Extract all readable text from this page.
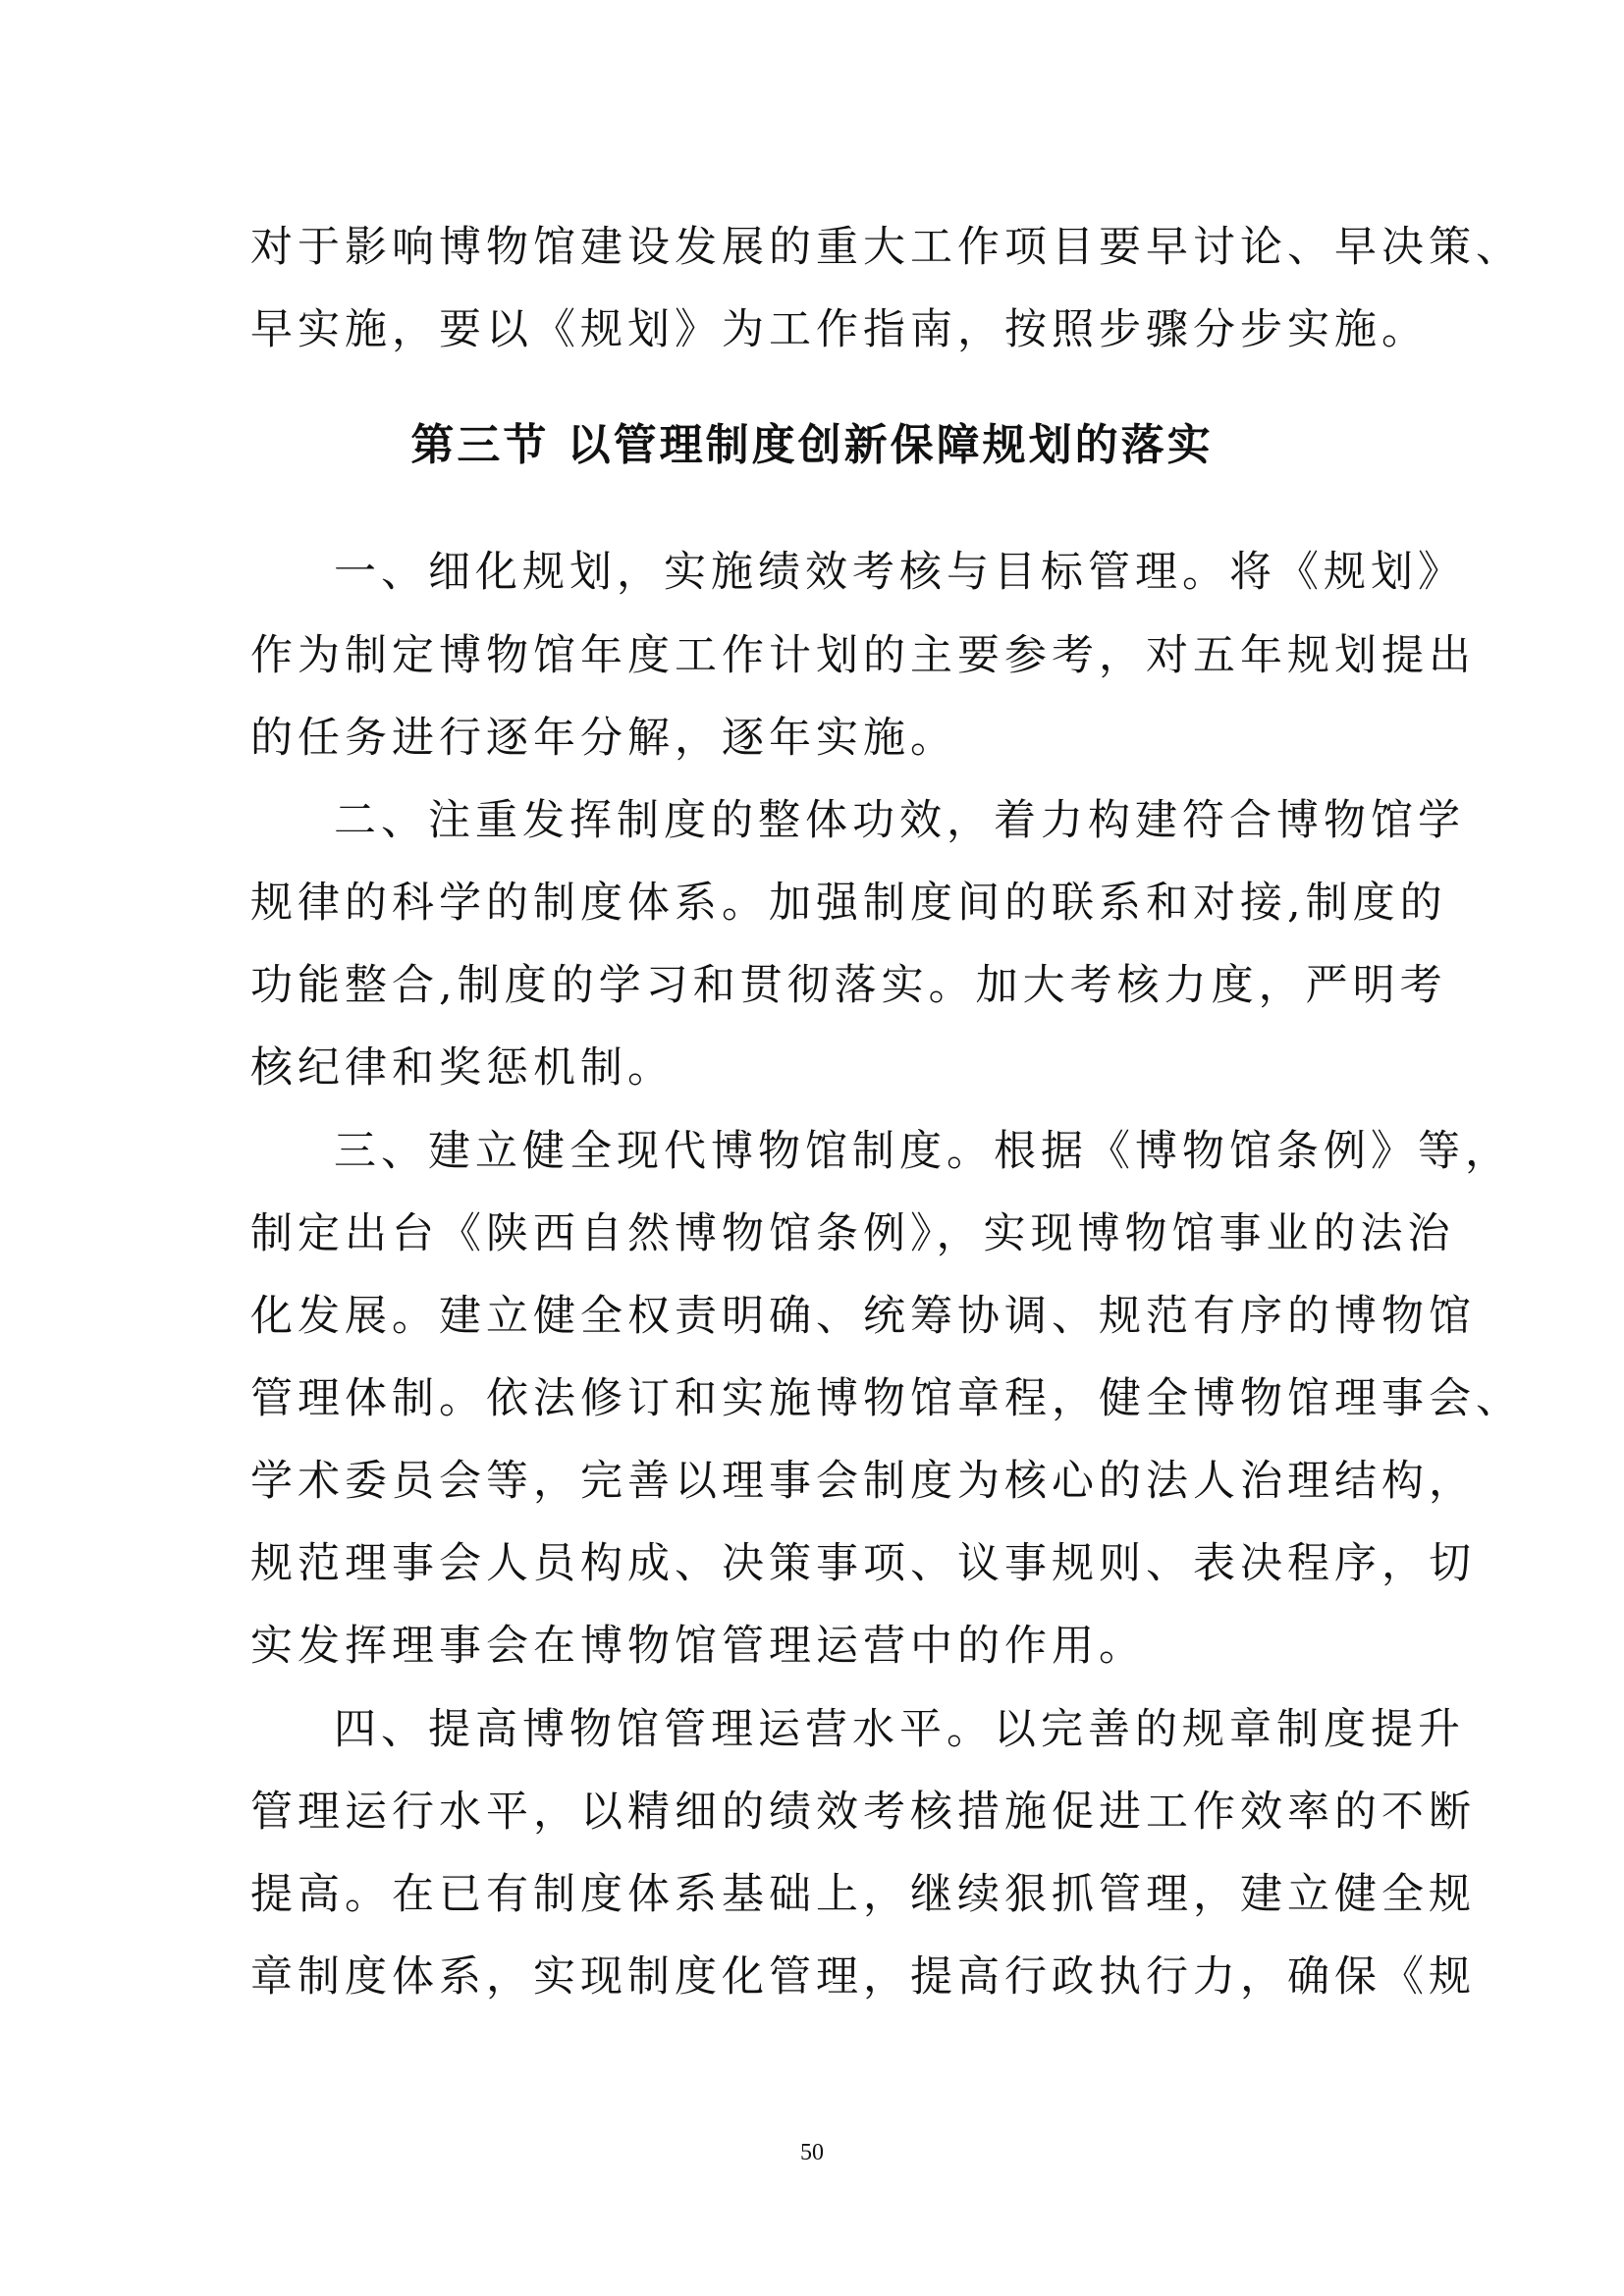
对于影响博物馆建设发展的重大工作项目要早讨论、早决策、
早实施，要以《规划》为工作指南，按照步骤分步实施。
第三节 以管理制度创新保障规划的落实
一、细化规划，实施绩效考核与目标管理。将《规划》
作为制定博物馆年度工作计划的主要参考，对五年规划提出
的任务进行逐年分解，逐年实施。
二、注重发挥制度的整体功效，着力构建符合博物馆学
规律的科学的制度体系。加强制度间的联系和对接,制度的
功能整合,制度的学习和贯彻落实。加大考核力度，严明考
核纪律和奖惩机制。
三、建立健全现代博物馆制度。根据《博物馆条例》等，
制定出台《陕西自然博物馆条例》，实现博物馆事业的法治
化发展。建立健全权责明确、统筹协调、规范有序的博物馆
管理体制。依法修订和实施博物馆章程，健全博物馆理事会、
学术委员会等，完善以理事会制度为核心的法人治理结构，
规范理事会人员构成、决策事项、议事规则、表决程序，切
实发挥理事会在博物馆管理运营中的作用。
四、提高博物馆管理运营水平。以完善的规章制度提升
管理运行水平，以精细的绩效考核措施促进工作效率的不断
提高。在已有制度体系基础上，继续狠抓管理，建立健全规
章制度体系，实现制度化管理，提高行政执行力，确保《规
50
